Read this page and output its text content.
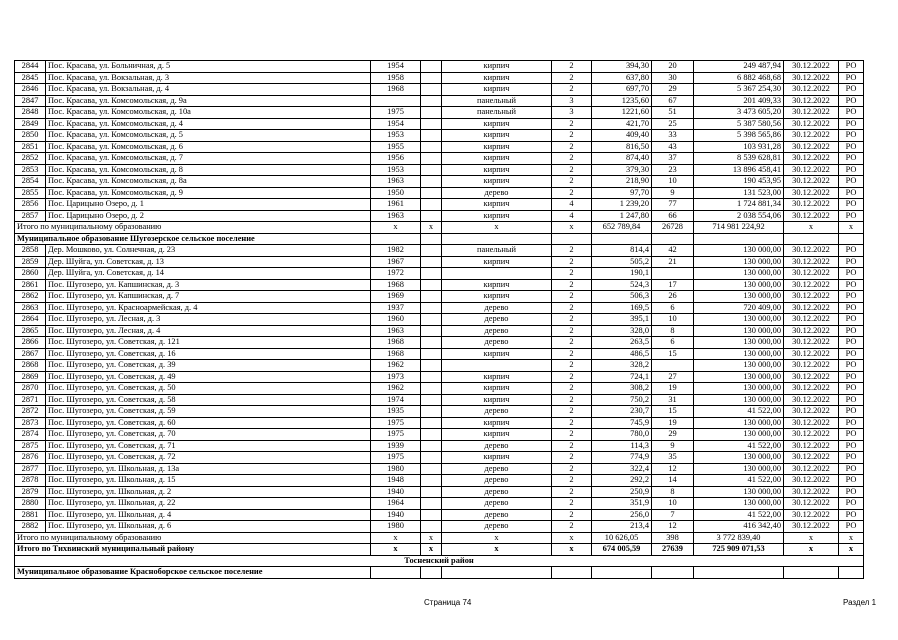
2844	Пос. Красава, ул. Больничная, д. 5	1954		кирпич	2	394,30	20	249 487,94	30.12.2022	РО
2845	Пос. Красава, ул. Вокзальная, д. 3	1958		кирпич	2	637,80	30	6 882 468,68	30.12.2022	РО
2846	Пос. Красава, ул. Вокзальная, д. 4	1968		кирпич	2	697,70	29	5 367 254,30	30.12.2022	РО
2847	Пос. Красава, ул. Комсомольская, д. 9а			панельный	3	1235,60	67	201 409,33	30.12.2022	РО
2848	Пос. Красава, ул. Комсомольская, д. 10а	1975		панельный	3	1221,60	51	3 473 605,20	30.12.2022	РО
2849	Пос. Красава, ул. Комсомольская, д. 4	1954		кирпич	2	421,70	25	5 387 580,56	30.12.2022	РО
2850	Пос. Красава, ул. Комсомольская, д. 5	1953		кирпич	2	409,40	33	5 398 565,86	30.12.2022	РО
2851	Пос. Красава, ул. Комсомольская, д. 6	1955		кирпич	2	816,50	43	103 931,28	30.12.2022	РО
2852	Пос. Красава, ул. Комсомольская, д. 7	1956		кирпич	2	874,40	37	8 539 628,81	30.12.2022	РО
2853	Пос. Красава, ул. Комсомольская, д. 8	1953		кирпич	2	379,30	23	13 896 458,41	30.12.2022	РО
2854	Пос. Красава, ул. Комсомольская, д. 8а	1963		кирпич	2	218,90	10	190 453,95	30.12.2022	РО
2855	Пос. Красава, ул. Комсомольская, д. 9	1950		дерево	2	97,70	9	131 523,00	30.12.2022	РО
2856	Пос. Царицыно Озеро, д. 1	1961		кирпич	4	1 239,20	77	1 724 881,34	30.12.2022	РО
2857	Пос. Царицыно Озеро, д. 2	1963		кирпич	4	1 247,80	66	2 038 554,06	30.12.2022	РО
Итого по муниципальному образованию		х	х	х	х	652 789,84	26728	714 981 224,92	х	х
Муниципальное образование Шугозерское сельское поселение										
2858	Дер. Мошково, ул. Солнечная, д. 23	1982		панельный	2	814,4	42	130 000,00	30.12.2022	РО
2859	Дер. Шуйга, ул. Советская, д. 13	1967		кирпич	2	505,2	21	130 000,00	30.12.2022	РО
2860	Дер. Шуйга, ул. Советская, д. 14	1972			2	190,1		130 000,00	30.12.2022	РО
2861	Пос. Шугозеро, ул. Капшинская, д. 3	1968		кирпич	2	524,3	17	130 000,00	30.12.2022	РО
2862	Пос. Шугозеро, ул. Капшинская, д. 7	1969		кирпич	2	506,3	26	130 000,00	30.12.2022	РО
2863	Пос. Шугозеро, ул. Красноармейская, д. 4	1937		дерево	2	169,5	6	720 409,00	30.12.2022	РО
2864	Пос. Шугозеро, ул. Лесная, д. 3	1960		дерево	2	395,1	10	130 000,00	30.12.2022	РО
2865	Пос. Шугозеро, ул. Лесная, д. 4	1963		дерево	2	328,0	8	130 000,00	30.12.2022	РО
2866	Пос. Шугозеро, ул. Советская, д. 121	1968		дерево	2	263,5	6	130 000,00	30.12.2022	РО
2867	Пос. Шугозеро, ул. Советская, д. 16	1968		кирпич	2	486,5	15	130 000,00	30.12.2022	РО
2868	Пос. Шугозеро, ул. Советская, д. 39	1962			2	328,2		130 000,00	30.12.2022	РО
2869	Пос. Шугозеро, ул. Советская, д. 49	1973		кирпич	2	724,1	27	130 000,00	30.12.2022	РО
2870	Пос. Шугозеро, ул. Советская, д. 50	1962		кирпич	2	308,2	19	130 000,00	30.12.2022	РО
2871	Пос. Шугозеро, ул. Советская, д. 58	1974		кирпич	2	750,2	31	130 000,00	30.12.2022	РО
2872	Пос. Шугозеро, ул. Советская, д. 59	1935		дерево	2	230,7	15	41 522,00	30.12.2022	РО
2873	Пос. Шугозеро, ул. Советская, д. 60	1975		кирпич	2	745,9	19	130 000,00	30.12.2022	РО
2874	Пос. Шугозеро, ул. Советская, д. 70	1975		кирпич	2	780,0	29	130 000,00	30.12.2022	РО
2875	Пос. Шугозеро, ул. Советская, д. 71	1939		дерево	2	114,3	9	41 522,00	30.12.2022	РО
2876	Пос. Шугозеро, ул. Советская, д. 72	1975		кирпич	2	774,9	35	130 000,00	30.12.2022	РО
2877	Пос. Шугозеро, ул. Школьная, д. 13а	1980		дерево	2	322,4	12	130 000,00	30.12.2022	РО
2878	Пос. Шугозеро, ул. Школьная, д. 15	1948		дерево	2	292,2	14	41 522,00	30.12.2022	РО
2879	Пос. Шугозеро, ул. Школьная, д. 2	1940		дерево	2	250,9	8	130 000,00	30.12.2022	РО
2880	Пос. Шугозеро, ул. Школьная, д. 22	1964		дерево	2	351,9	10	130 000,00	30.12.2022	РО
2881	Пос. Шугозеро, ул. Школьная, д. 4	1940		дерево	2	256,0	7	41 522,00	30.12.2022	РО
2882	Пос. Шугозеро, ул. Школьная, д. 6	1980		дерево	2	213,4	12	416 342,40	30.12.2022	РО
Итого по муниципальному образованию		х	х	х	х	10 626,05	398	3 772 839,40	х	х
Итого по Тихвинский муниципальный району		х	х	х	х	674 005,59	27639	725 909 071,53	х	х
Тосненский район										
Муниципальное образование Красноборское сельское поселение										
Страница 74	Раздел 1
